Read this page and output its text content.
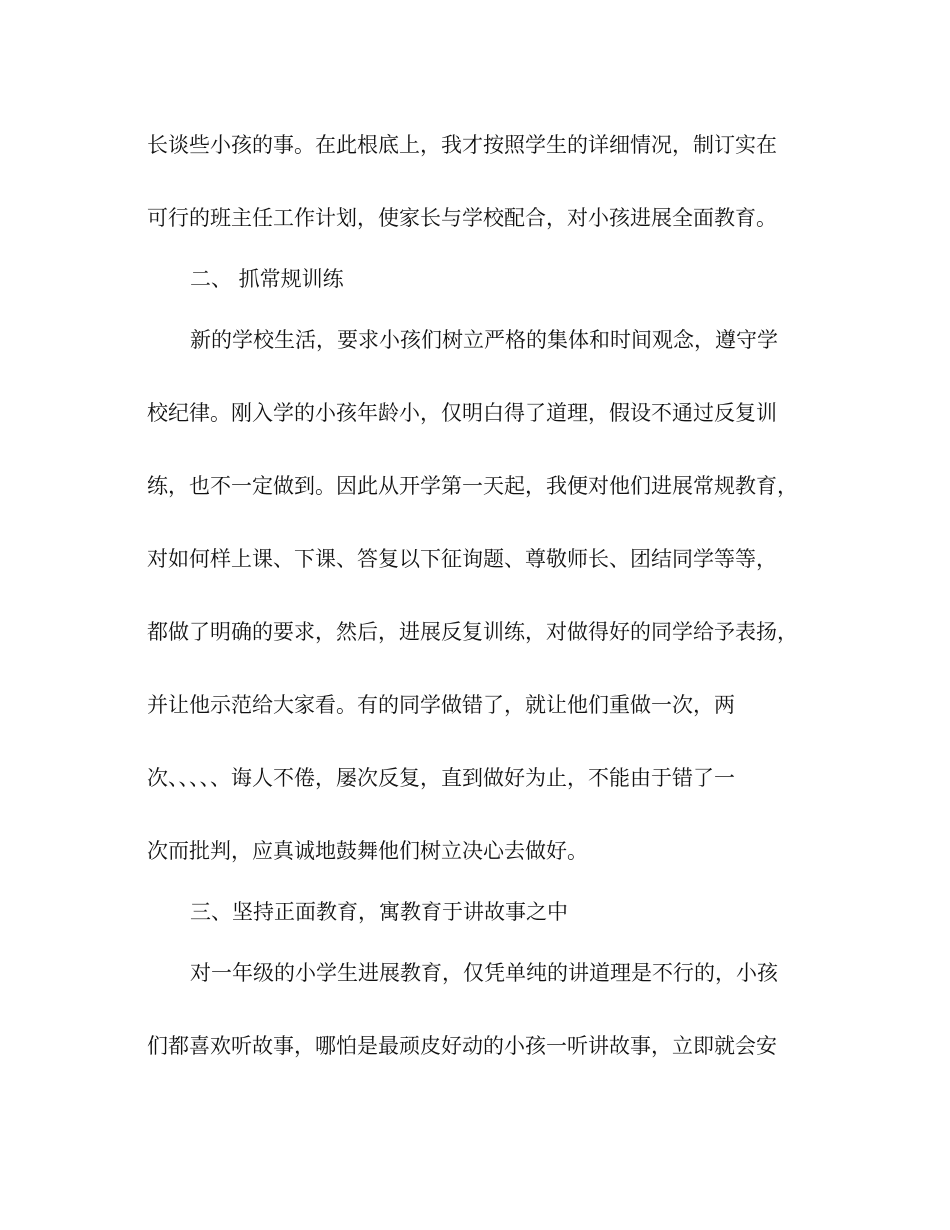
长谈些小孩的事。在此根底上，我才按照学生的详细情况，制订实在

可行的班主任工作计划，使家长与学校配合，对小孩进展全面教育。

二、 抓常规训练

新的学校生活，要求小孩们树立严格的集体和时间观念，遵守学

校纪律。刚入学的小孩年龄小，仅明白得了道理，假设不通过反复训

练，也不一定做到。因此从开学第一天起，我便对他们进展常规教育，

对如何样上课、下课、答复以下征询题、尊敬师长、团结同学等等，

都做了明确的要求，然后，进展反复训练，对做得好的同学给予表扬，

并让他示范给大家看。有的同学做错了，就让他们重做一次，两

次、、、、、诲人不倦，屡次反复，直到做好为止，不能由于错了一

次而批判，应真诚地鼓舞他们树立决心去做好。

三、坚持正面教育，寓教育于讲故事之中

对一年级的小学生进展教育，仅凭单纯的讲道理是不行的，小孩

们都喜欢听故事，哪怕是最顽皮好动的小孩一听讲故事，立即就会安
